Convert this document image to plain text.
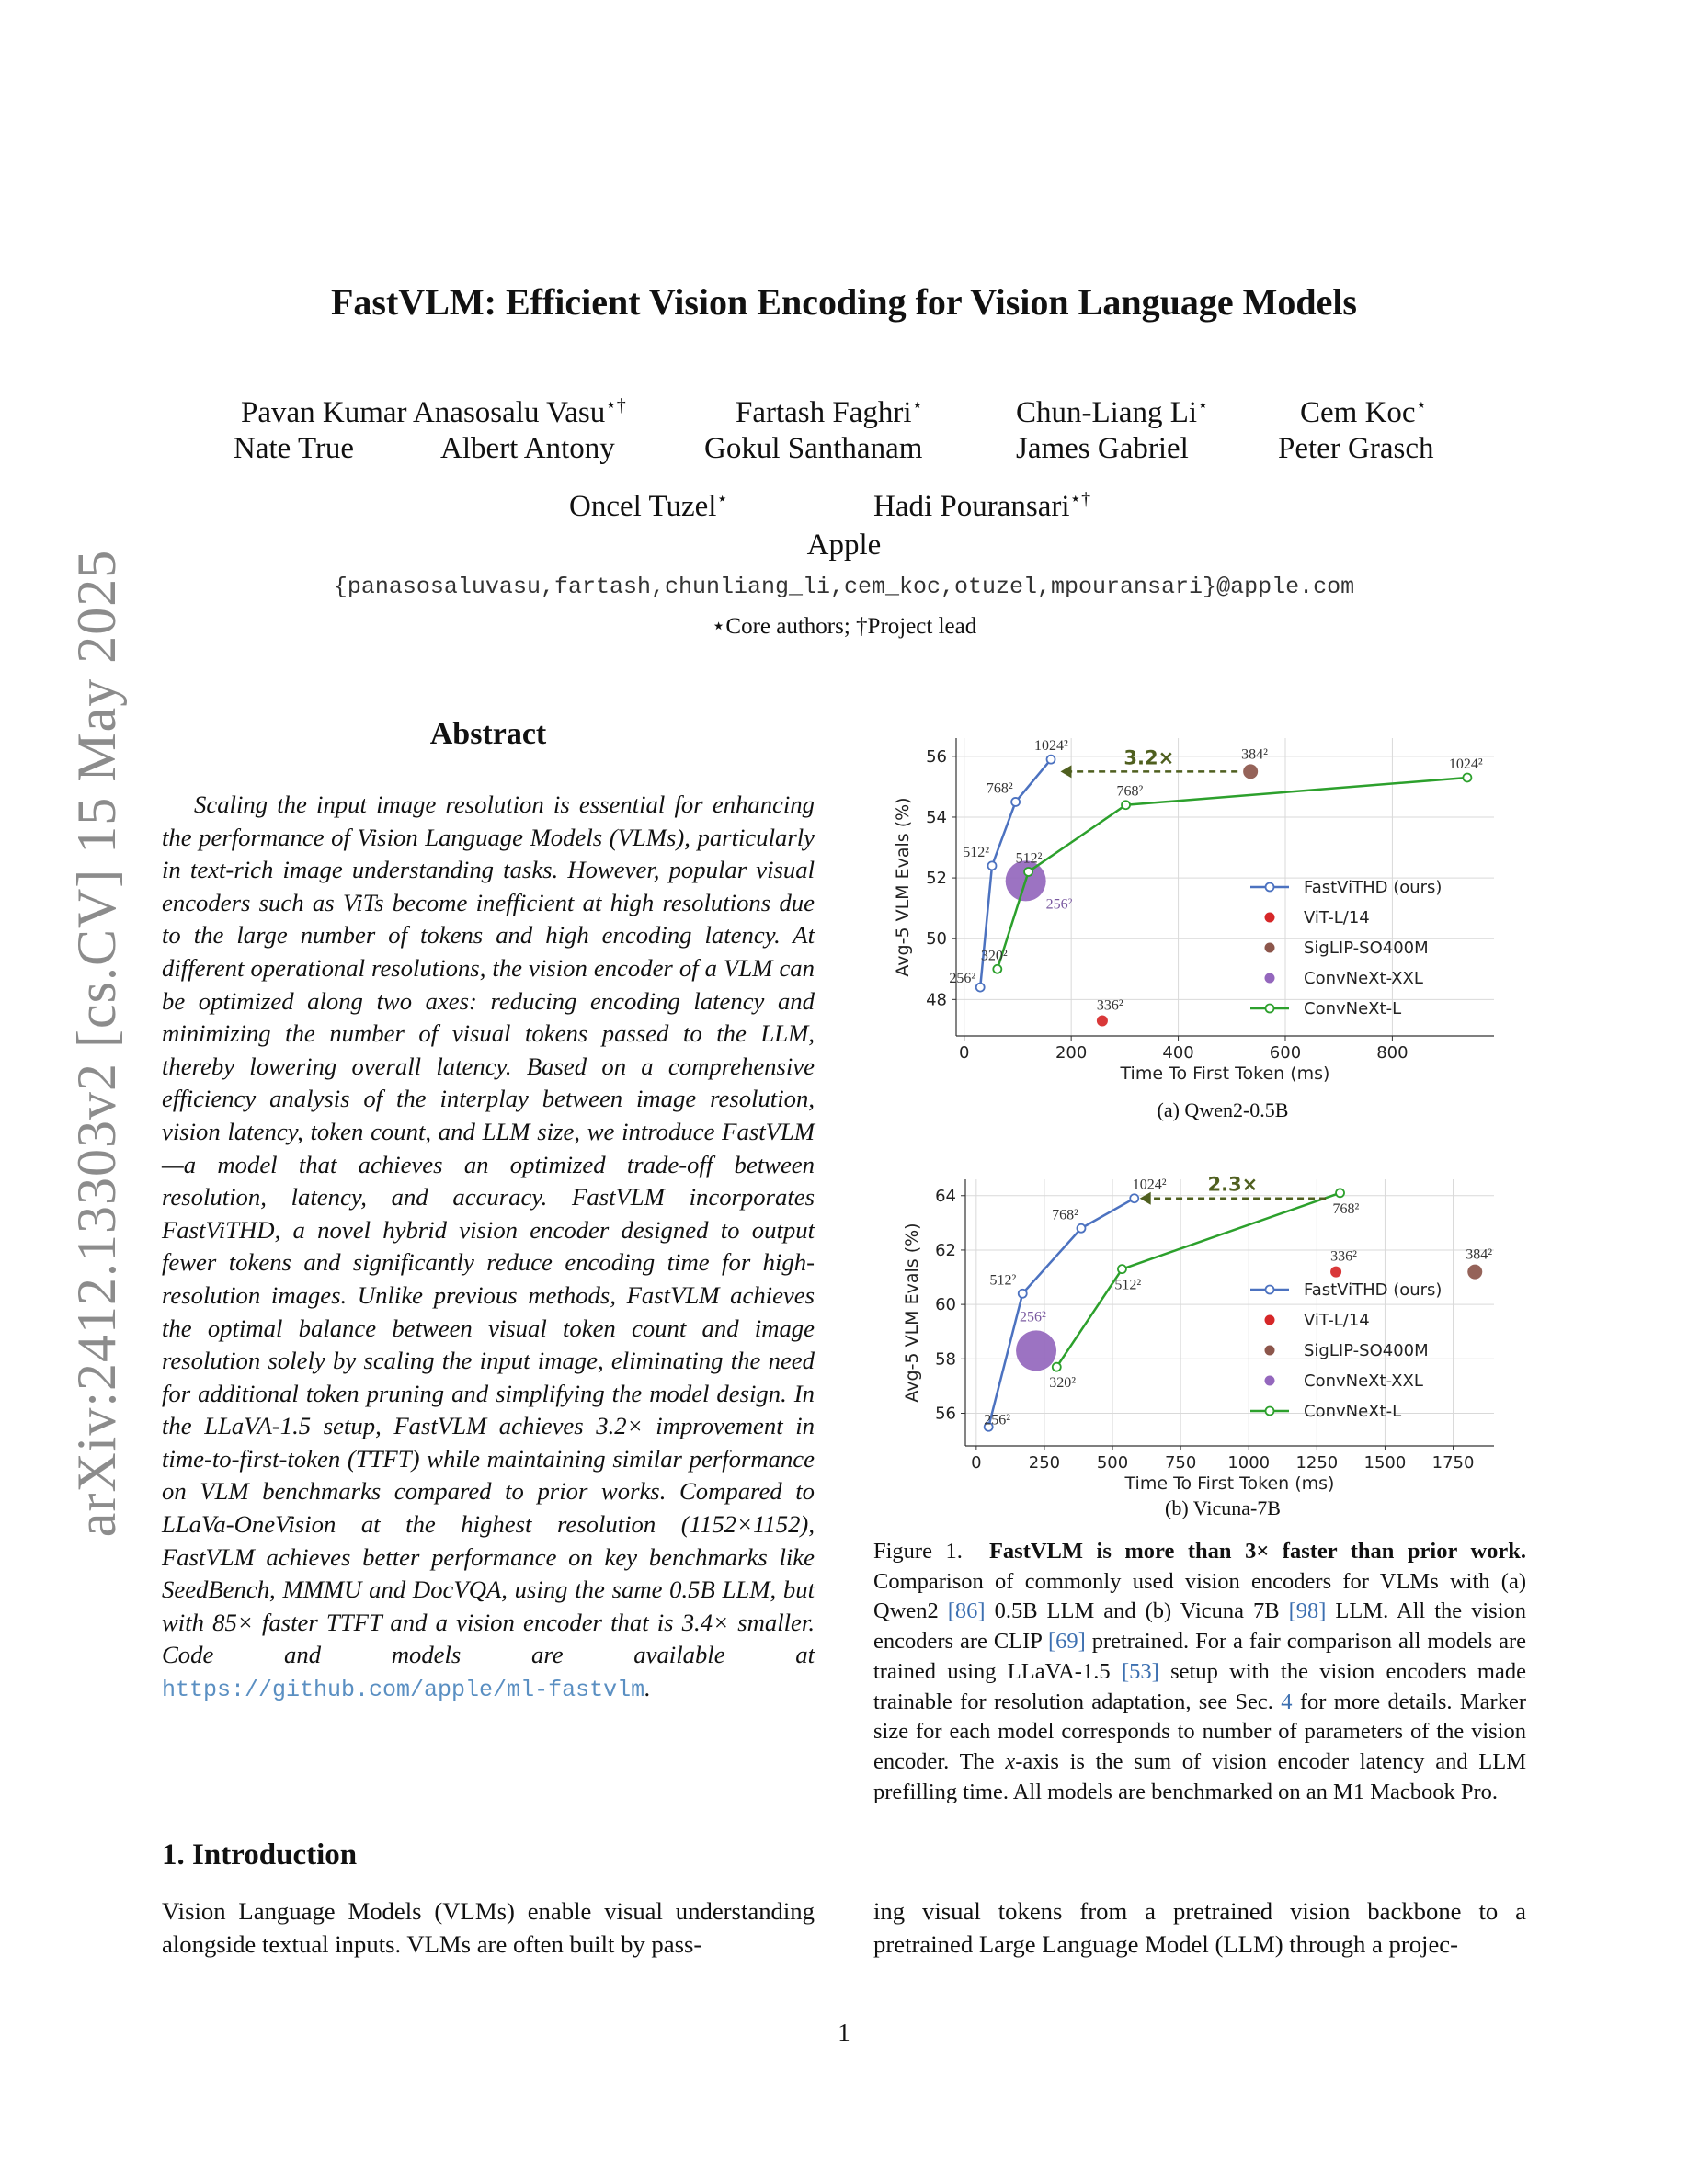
arXiv:2412.13303v2 [cs.CV] 15 May 2025
FastVLM: Efficient Vision Encoding for Vision Language Models
Pavan Kumar Anasosalu Vasu⋆†	Fartash Faghri⋆	Chun-Liang Li⋆	Cem Koc⋆
Nate True	Albert Antony	Gokul Santhanam	James Gabriel	Peter Grasch
Oncel Tuzel⋆	Hadi Pouransari⋆†
Apple
{panasosaluvasu,fartash,chunliang_li,cem_koc,otuzel,mpouransari}@apple.com
⋆Core authors; †Project lead
Abstract
Scaling the input image resolution is essential for enhancing the performance of Vision Language Models (VLMs), particularly in text-rich image understanding tasks. However, popular visual encoders such as ViTs become inefficient at high resolutions due to the large number of tokens and high encoding latency. At different operational resolutions, the vision encoder of a VLM can be optimized along two axes: reducing encoding latency and minimizing the number of visual tokens passed to the LLM, thereby lowering overall latency. Based on a comprehensive efficiency analysis of the interplay between image resolution, vision latency, token count, and LLM size, we introduce FastVLM—a model that achieves an optimized trade-off between resolution, latency, and accuracy. FastVLM incorporates FastViTHD, a novel hybrid vision encoder designed to output fewer tokens and significantly reduce encoding time for high-resolution images. Unlike previous methods, FastVLM achieves the optimal balance between visual token count and image resolution solely by scaling the input image, eliminating the need for additional token pruning and simplifying the model design. In the LLaVA-1.5 setup, FastVLM achieves 3.2× improvement in time-to-first-token (TTFT) while maintaining similar performance on VLM benchmarks compared to prior works. Compared to LLaVa-OneVision at the highest resolution (1152×1152), FastVLM achieves better performance on key benchmarks like SeedBench, MMMU and DocVQA, using the same 0.5B LLM, but with 85× faster TTFT and a vision encoder that is 3.4× smaller. Code and models are available at https://github.com/apple/ml-fastvlm.
0	200	400	600	800
48
50
52
54
56
Time To First Token (ms)
Avg-5 VLM Evals (%)
256²
512²
768²
1024²
336²
384²
256²
320²
512²
768²
1024²
3.2×
FastViTHD (ours)
ViT-L/14
SigLIP-SO400M
ConvNeXt-XXL
ConvNeXt-L
(a) Qwen2-0.5B
0	250 500 750 1000 1250 1500 1750
56
58
60
62
64
Time To First Token (ms)
Avg-5 VLM Evals (%)
256²
512²
768²
1024²
336²	384²
256²
320²
512²
768²
2.3×
FastViTHD (ours)
ViT-L/14
SigLIP-SO400M
ConvNeXt-XXL
ConvNeXt-L
(b) Vicuna-7B
Figure 1. FastVLM is more than 3× faster than prior work. Comparison of commonly used vision encoders for VLMs with (a) Qwen2 [86] 0.5B LLM and (b) Vicuna 7B [98] LLM. All the vision encoders are CLIP [69] pretrained. For a fair comparison all models are trained using LLaVA-1.5 [53] setup with the vision encoders made trainable for resolution adaptation, see Sec. 4 for more details. Marker size for each model corresponds to number of parameters of the vision encoder. The x-axis is the sum of vision encoder latency and LLM prefilling time. All models are benchmarked on an M1 Macbook Pro.
1. Introduction
Vision Language Models (VLMs) enable visual understanding alongside textual inputs. VLMs are often built by pass-
ing visual tokens from a pretrained vision backbone to a pretrained Large Language Model (LLM) through a projec-
1
